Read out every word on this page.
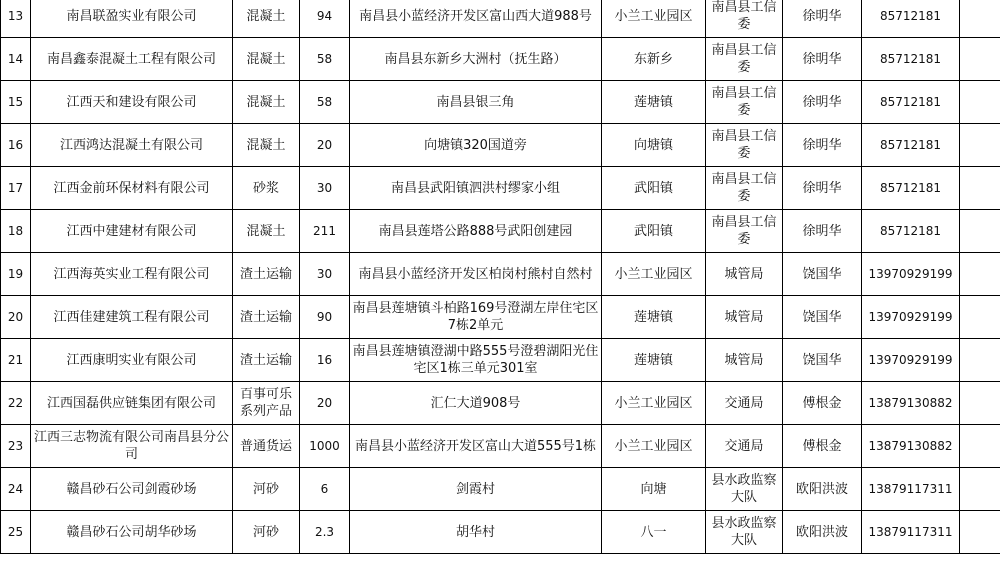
13	南昌联盈实业有限公司	混凝土	94	南昌县小蓝经济开发区富山西大道988号	小兰工业园区	南昌县工信委	徐明华	85712181	
14	南昌鑫泰混凝土工程有限公司	混凝土	58	南昌县东新乡大洲村（抚生路）	东新乡	南昌县工信委	徐明华	85712181	
15	江西天和建设有限公司	混凝土	58	南昌县银三角	莲塘镇	南昌县工信委	徐明华	85712181	
16	江西鸿达混凝土有限公司	混凝土	20	向塘镇320国道旁	向塘镇	南昌县工信委	徐明华	85712181	
17	江西金前环保材料有限公司	砂浆	30	南昌县武阳镇泗洪村缪家小组	武阳镇	南昌县工信委	徐明华	85712181	
18	江西中建建材有限公司	混凝土	211	南昌县莲塔公路888号武阳创建园	武阳镇	南昌县工信委	徐明华	85712181	
19	江西海英实业工程有限公司	渣土运输	30	南昌县小蓝经济开发区柏岗村熊村自然村	小兰工业园区	城管局	饶国华	13970929199	
20	江西佳建建筑工程有限公司	渣土运输	90	南昌县莲塘镇斗柏路169号澄湖左岸住宅区7栋2单元	莲塘镇	城管局	饶国华	13970929199	
21	江西康明实业有限公司	渣土运输	16	南昌县莲塘镇澄湖中路555号澄碧湖阳光住宅区1栋三单元301室	莲塘镇	城管局	饶国华	13970929199	
22	江西国磊供应链集团有限公司	百事可乐系列产品	20	汇仁大道908号	小兰工业园区	交通局	傅根金	13879130882	
23	江西三志物流有限公司南昌县分公司	普通货运	1000	南昌县小蓝经济开发区富山大道555号1栋	小兰工业园区	交通局	傅根金	13879130882	
24	赣昌砂石公司剑霞砂场	河砂	6	剑霞村	向塘	县水政监察大队	欧阳洪波	13879117311	
25	赣昌砂石公司胡华砂场	河砂	2.3	胡华村	八一	县水政监察大队	欧阳洪波	13879117311	
